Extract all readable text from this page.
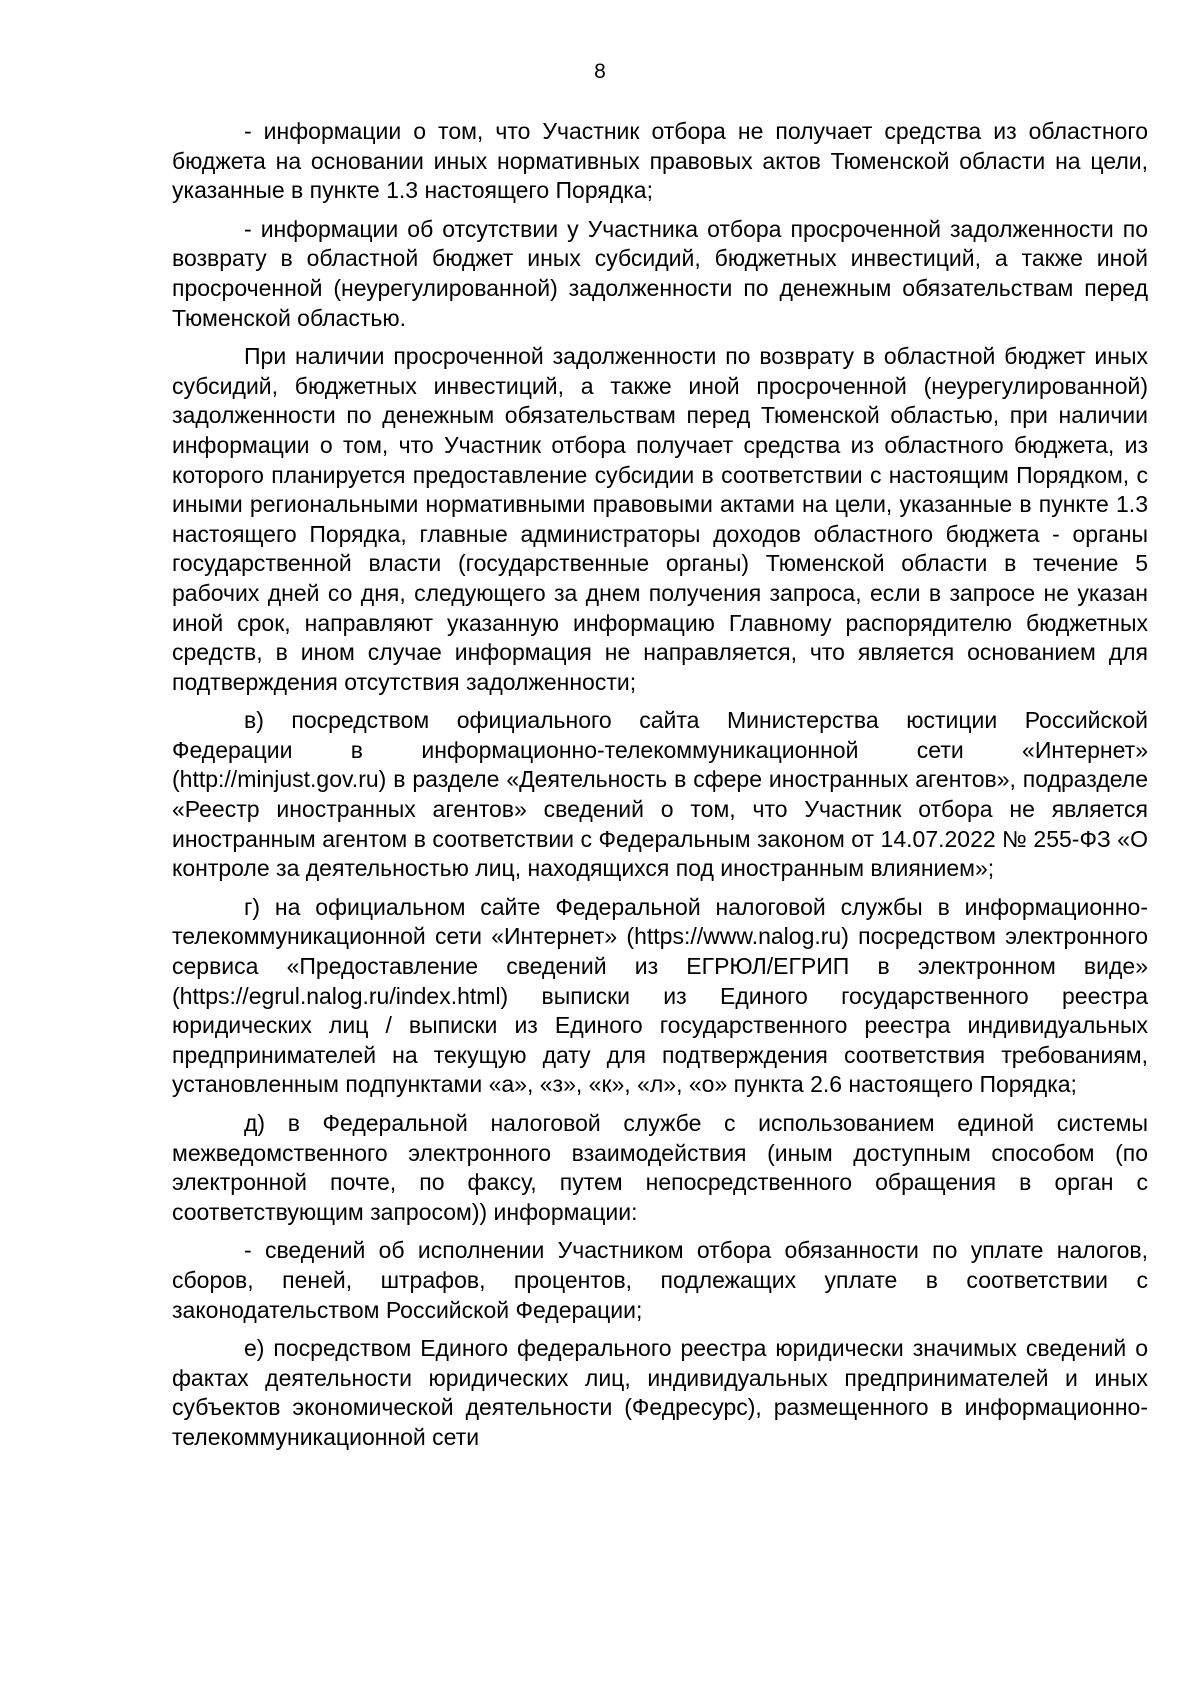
8

- информации о том, что Участник отбора не получает средства из областного бюджета на основании иных нормативных правовых актов Тюменской области на цели, указанные в пункте 1.3 настоящего Порядка;

- информации об отсутствии у Участника отбора просроченной задолженности по возврату в областной бюджет иных субсидий, бюджетных инвестиций, а также иной просроченной (неурегулированной) задолженности по денежным обязательствам перед Тюменской областью.

При наличии просроченной задолженности по возврату в областной бюджет иных субсидий, бюджетных инвестиций, а также иной просроченной (неурегулированной) задолженности по денежным обязательствам перед Тюменской областью, при наличии информации о том, что Участник отбора получает средства из областного бюджета, из которого планируется предоставление субсидии в соответствии с настоящим Порядком, с иными региональными нормативными правовыми актами на цели, указанные в пункте 1.3 настоящего Порядка, главные администраторы доходов областного бюджета - органы государственной власти (государственные органы) Тюменской области в течение 5 рабочих дней со дня, следующего за днем получения запроса, если в запросе не указан иной срок, направляют указанную информацию Главному распорядителю бюджетных средств, в ином случае информация не направляется, что является основанием для подтверждения отсутствия задолженности;

в) посредством официального сайта Министерства юстиции Российской Федерации в информационно-телекоммуникационной сети «Интернет» (http://minjust.gov.ru) в разделе «Деятельность в сфере иностранных агентов», подразделе «Реестр иностранных агентов» сведений о том, что Участник отбора не является иностранным агентом в соответствии с Федеральным законом от 14.07.2022 № 255-ФЗ «О контроле за деятельностью лиц, находящихся под иностранным влиянием»;

г) на официальном сайте Федеральной налоговой службы в информационно-телекоммуникационной сети «Интернет» (https://www.nalog.ru) посредством электронного сервиса «Предоставление сведений из ЕГРЮЛ/ЕГРИП в электронном виде» (https://egrul.nalog.ru/index.html) выписки из Единого государственного реестра юридических лиц / выписки из Единого государственного реестра индивидуальных предпринимателей на текущую дату для подтверждения соответствия требованиям, установленным подпунктами «а», «з», «к», «л», «о» пункта 2.6 настоящего Порядка;

д) в Федеральной налоговой службе с использованием единой системы межведомственного электронного взаимодействия (иным доступным способом (по электронной почте, по факсу, путем непосредственного обращения в орган с соответствующим запросом)) информации:

- сведений об исполнении Участником отбора обязанности по уплате налогов, сборов, пеней, штрафов, процентов, подлежащих уплате в соответствии с законодательством Российской Федерации;

е) посредством Единого федерального реестра юридически значимых сведений о фактах деятельности юридических лиц, индивидуальных предпринимателей и иных субъектов экономической деятельности (Федресурс), размещенного в информационно-телекоммуникационной сети
